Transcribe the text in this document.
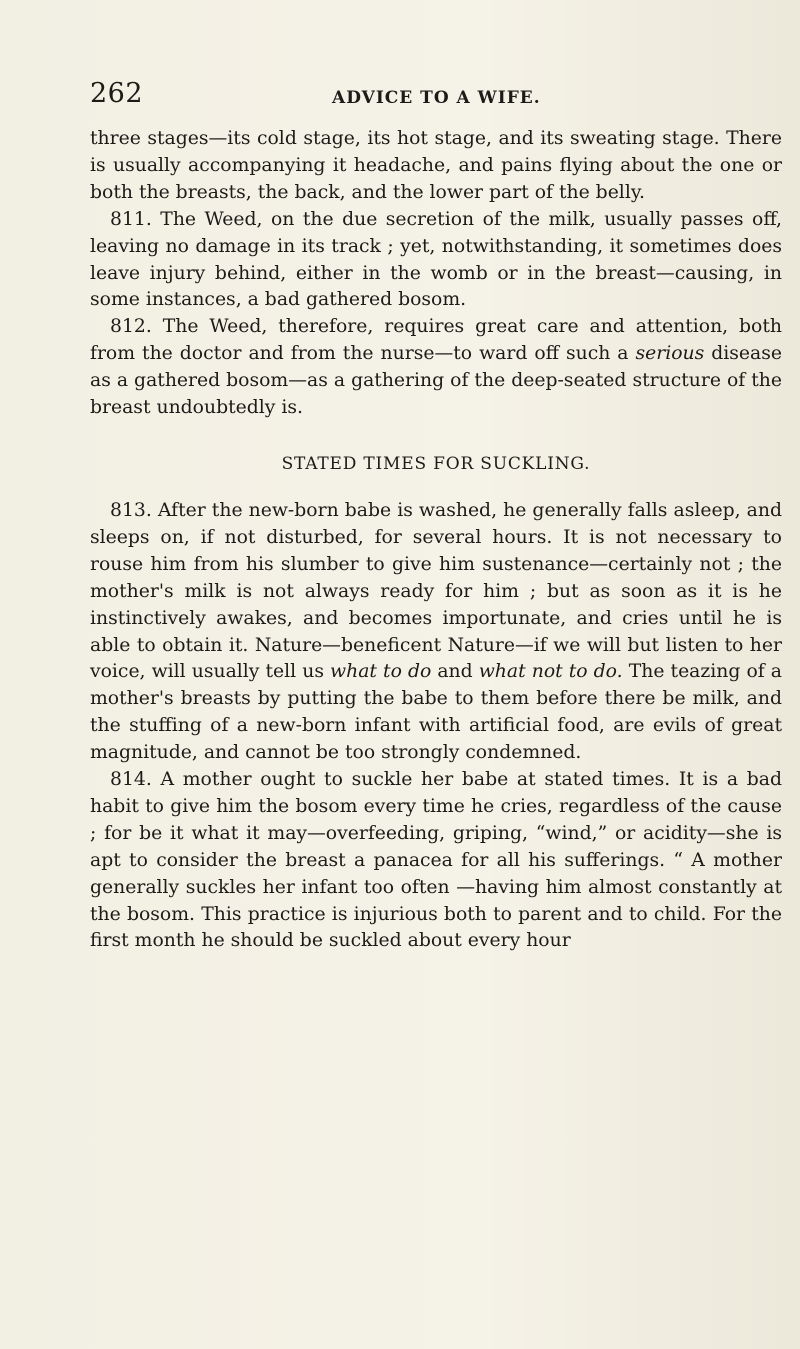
262	ADVICE TO A WIFE.

three stages—its cold stage, its hot stage, and its sweating stage. There is usually accompanying it headache, and pains flying about the one or both the breasts, the back, and the lower part of the belly.

811. The Weed, on the due secretion of the milk, usually passes off, leaving no damage in its track ; yet, notwithstanding, it sometimes does leave injury behind, either in the womb or in the breast—causing, in some instances, a bad gathered bosom.

812. The Weed, therefore, requires great care and attention, both from the doctor and from the nurse—to ward off such a serious disease as a gathered bosom—as a gathering of the deep-seated structure of the breast undoubtedly is.

STATED TIMES FOR SUCKLING.

813. After the new-born babe is washed, he generally falls asleep, and sleeps on, if not disturbed, for several hours. It is not necessary to rouse him from his slumber to give him sustenance—certainly not ; the mother's milk is not always ready for him ; but as soon as it is he instinctively awakes, and becomes importunate, and cries until he is able to obtain it. Nature—beneficent Nature—if we will but listen to her voice, will usually tell us what to do and what not to do. The teazing of a mother's breasts by putting the babe to them before there be milk, and the stuffing of a new-born infant with artificial food, are evils of great magnitude, and cannot be too strongly condemned.

814. A mother ought to suckle her babe at stated times. It is a bad habit to give him the bosom every time he cries, regardless of the cause ; for be it what it may—overfeeding, griping, “wind,” or acidity—she is apt to consider the breast a panacea for all his sufferings. “ A mother generally suckles her infant too often —having him almost constantly at the bosom. This practice is injurious both to parent and to child. For the first month he should be suckled about every hour
